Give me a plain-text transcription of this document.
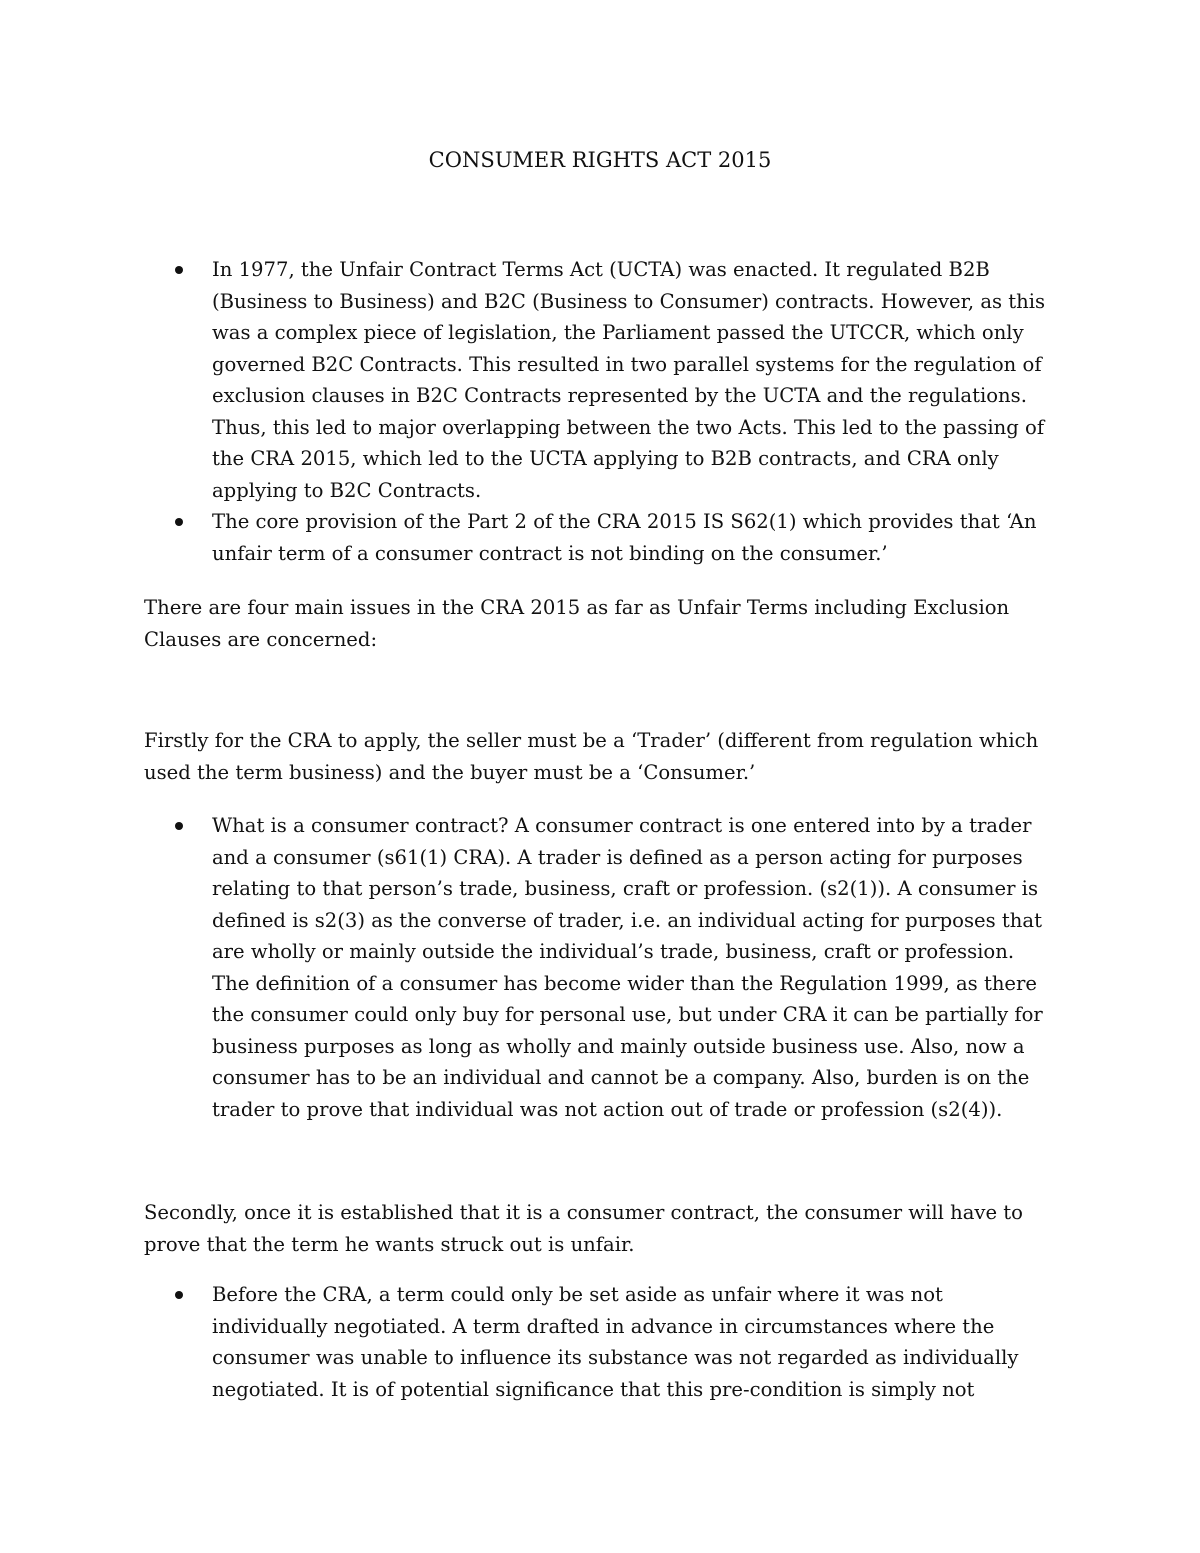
CONSUMER RIGHTS ACT 2015
In 1977, the Unfair Contract Terms Act (UCTA) was enacted. It regulated B2B (Business to Business) and B2C (Business to Consumer) contracts. However, as this was a complex piece of legislation, the Parliament passed the UTCCR, which only governed B2C Contracts. This resulted in two parallel systems for the regulation of exclusion clauses in B2C Contracts represented by the UCTA and the regulations. Thus, this led to major overlapping between the two Acts. This led to the passing of the CRA 2015, which led to the UCTA applying to B2B contracts, and CRA only applying to B2C Contracts.
The core provision of the Part 2 of the CRA 2015 IS S62(1) which provides that ‘An unfair term of a consumer contract is not binding on the consumer.’

There are four main issues in the CRA 2015 as far as Unfair Terms including Exclusion Clauses are concerned:

Firstly for the CRA to apply, the seller must be a ‘Trader’ (different from regulation which used the term business) and the buyer must be a ‘Consumer.’

What is a consumer contract? A consumer contract is one entered into by a trader and a consumer (s61(1) CRA). A trader is defined as a person acting for purposes relating to that person’s trade, business, craft or profession. (s2(1)). A consumer is defined is s2(3) as the converse of trader, i.e. an individual acting for purposes that are wholly or mainly outside the individual’s trade, business, craft or profession. The definition of a consumer has become wider than the Regulation 1999, as there the consumer could only buy for personal use, but under CRA it can be partially for business purposes as long as wholly and mainly outside business use. Also, now a consumer has to be an individual and cannot be a company. Also, burden is on the trader to prove that individual was not action out of trade or profession (s2(4)).

Secondly, once it is established that it is a consumer contract, the consumer will have to prove that the term he wants struck out is unfair.

Before the CRA, a term could only be set aside as unfair where it was not individually negotiated. A term drafted in advance in circumstances where the consumer was unable to influence its substance was not regarded as individually negotiated. It is of potential significance that this pre-condition is simply not
